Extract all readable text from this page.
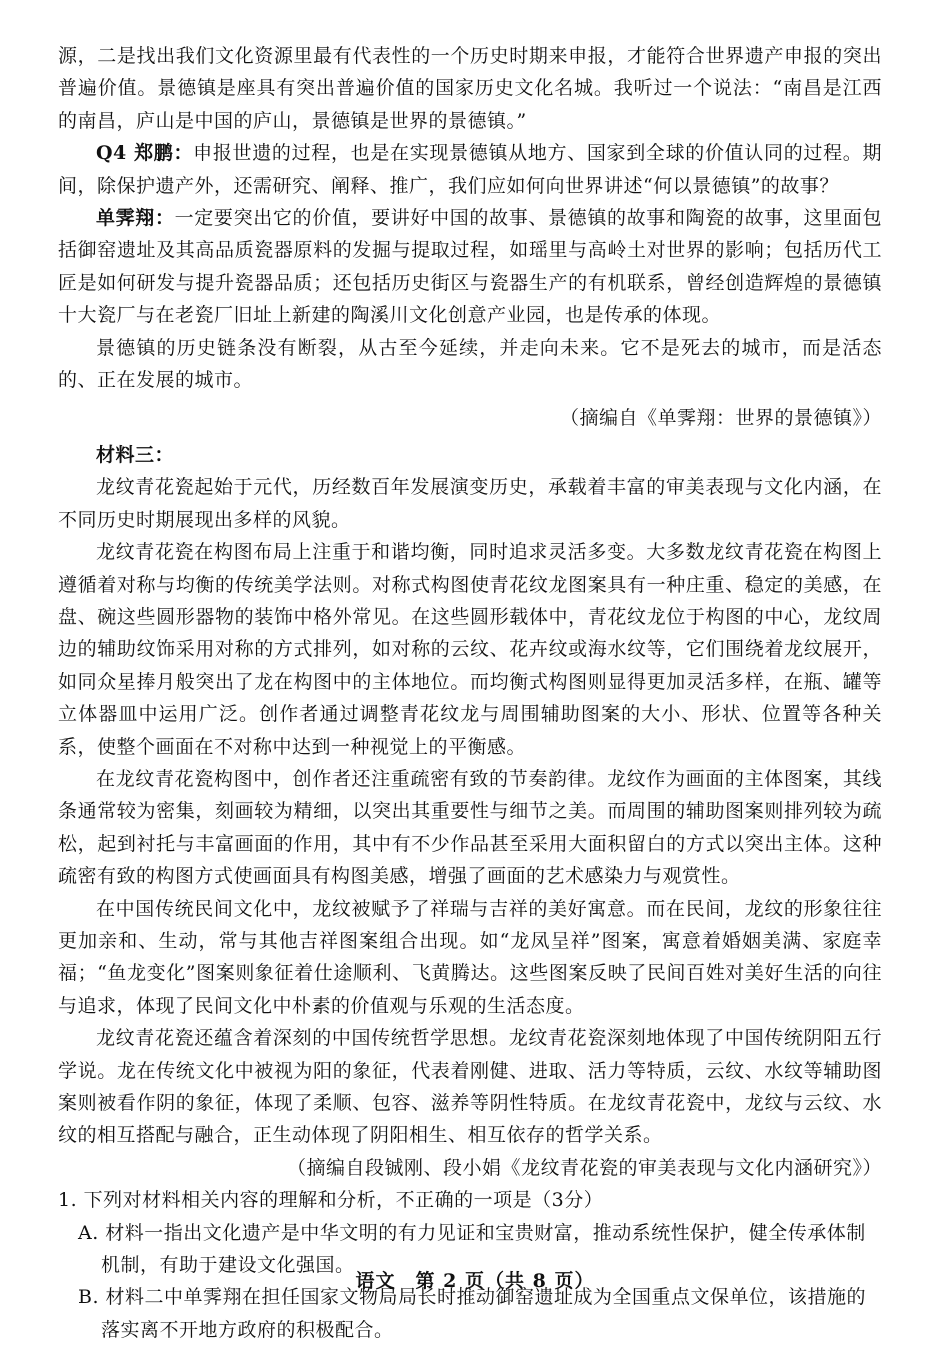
源，二是找出我们文化资源里最有代表性的一个历史时期来申报，才能符合世界遗产申报的突出普遍价值。景德镇是座具有突出普遍价值的国家历史文化名城。我听过一个说法：“南昌是江西的南昌，庐山是中国的庐山，景德镇是世界的景德镇。”

Q4 郑鹏：申报世遗的过程，也是在实现景德镇从地方、国家到全球的价值认同的过程。期间，除保护遗产外，还需研究、阐释、推广，我们应如何向世界讲述“何以景德镇”的故事？

单霁翔：一定要突出它的价值，要讲好中国的故事、景德镇的故事和陶瓷的故事，这里面包括御窑遗址及其高品质瓷器原料的发掘与提取过程，如瑶里与高岭土对世界的影响；包括历代工匠是如何研发与提升瓷器品质；还包括历史街区与瓷器生产的有机联系，曾经创造辉煌的景德镇十大瓷厂与在老瓷厂旧址上新建的陶溪川文化创意产业园，也是传承的体现。

景德镇的历史链条没有断裂，从古至今延续，并走向未来。它不是死去的城市，而是活态的、正在发展的城市。

（摘编自《单霁翔：世界的景德镇》）

材料三：

龙纹青花瓷起始于元代，历经数百年发展演变历史，承载着丰富的审美表现与文化内涵，在不同历史时期展现出多样的风貌。

龙纹青花瓷在构图布局上注重于和谐均衡，同时追求灵活多变。大多数龙纹青花瓷在构图上遵循着对称与均衡的传统美学法则。对称式构图使青花纹龙图案具有一种庄重、稳定的美感，在盘、碗这些圆形器物的装饰中格外常见。在这些圆形载体中，青花纹龙位于构图的中心，龙纹周边的辅助纹饰采用对称的方式排列，如对称的云纹、花卉纹或海水纹等，它们围绕着龙纹展开，如同众星捧月般突出了龙在构图中的主体地位。而均衡式构图则显得更加灵活多样，在瓶、罐等立体器皿中运用广泛。创作者通过调整青花纹龙与周围辅助图案的大小、形状、位置等各种关系，使整个画面在不对称中达到一种视觉上的平衡感。

在龙纹青花瓷构图中，创作者还注重疏密有致的节奏韵律。龙纹作为画面的主体图案，其线条通常较为密集，刻画较为精细，以突出其重要性与细节之美。而周围的辅助图案则排列较为疏松，起到衬托与丰富画面的作用，其中有不少作品甚至采用大面积留白的方式以突出主体。这种疏密有致的构图方式使画面具有构图美感，增强了画面的艺术感染力与观赏性。

在中国传统民间文化中，龙纹被赋予了祥瑞与吉祥的美好寓意。而在民间，龙纹的形象往往更加亲和、生动，常与其他吉祥图案组合出现。如“龙凤呈祥”图案，寓意着婚姻美满、家庭幸福；“鱼龙变化”图案则象征着仕途顺利、飞黄腾达。这些图案反映了民间百姓对美好生活的向往与追求，体现了民间文化中朴素的价值观与乐观的生活态度。

龙纹青花瓷还蕴含着深刻的中国传统哲学思想。龙纹青花瓷深刻地体现了中国传统阴阳五行学说。龙在传统文化中被视为阳的象征，代表着刚健、进取、活力等特质，云纹、水纹等辅助图案则被看作阴的象征，体现了柔顺、包容、滋养等阴性特质。在龙纹青花瓷中，龙纹与云纹、水纹的相互搭配与融合，正生动体现了阴阳相生、相互依存的哲学关系。

（摘编自段铖刚、段小娟《龙纹青花瓷的审美表现与文化内涵研究》）

1. 下列对材料相关内容的理解和分析，不正确的一项是（3分）

A. 材料一指出文化遗产是中华文明的有力见证和宝贵财富，推动系统性保护，健全传承体制机制，有助于建设文化强国。

B. 材料二中单霁翔在担任国家文物局局长时推动御窑遗址成为全国重点文保单位，该措施的落实离不开地方政府的积极配合。

语文　第 2 页（共 8 页）
